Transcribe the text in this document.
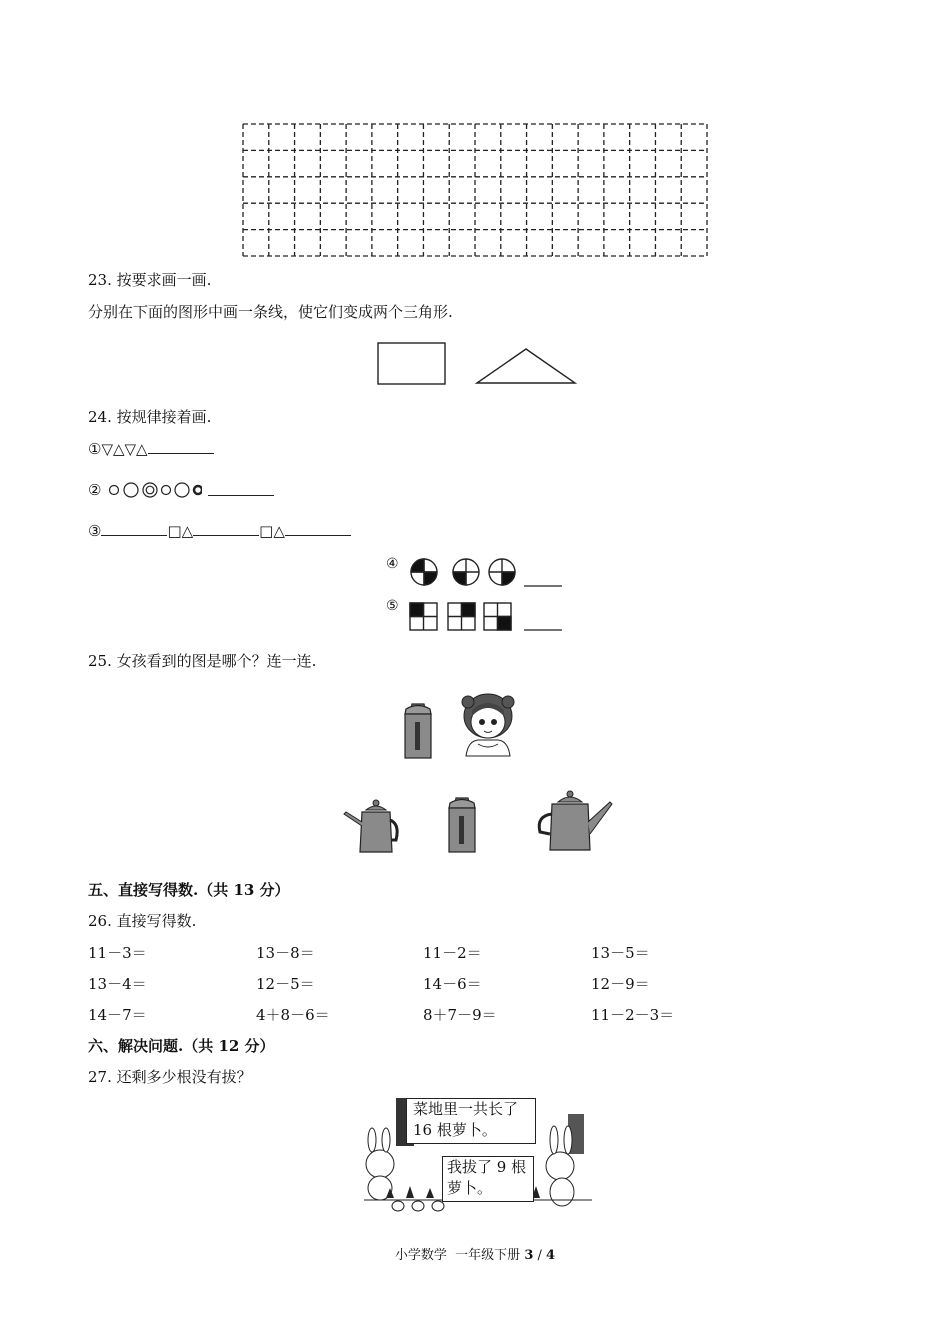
23. 按要求画一画.
分别在下面的图形中画一条线，使它们变成两个三角形.
24. 按规律接着画.
①▽△▽△
②
③	□△	□△
④
⑤
25. 女孩看到的图是哪个？连一连.
五、直接写得数.（共 13 分）
26. 直接写得数.
11－3＝	13－8＝	11－2＝	13－5＝
13－4＝	12－5＝	14－6＝	12－9＝
14－7＝	4＋8－6＝	8＋7－9＝	11－2－3＝
六、解决问题.（共 12 分）
27. 还剩多少根没有拔？
菜地里一共长了
16 根萝卜。
我拔了 9 根
萝卜。
小学数学 一年级下册 3 / 4
